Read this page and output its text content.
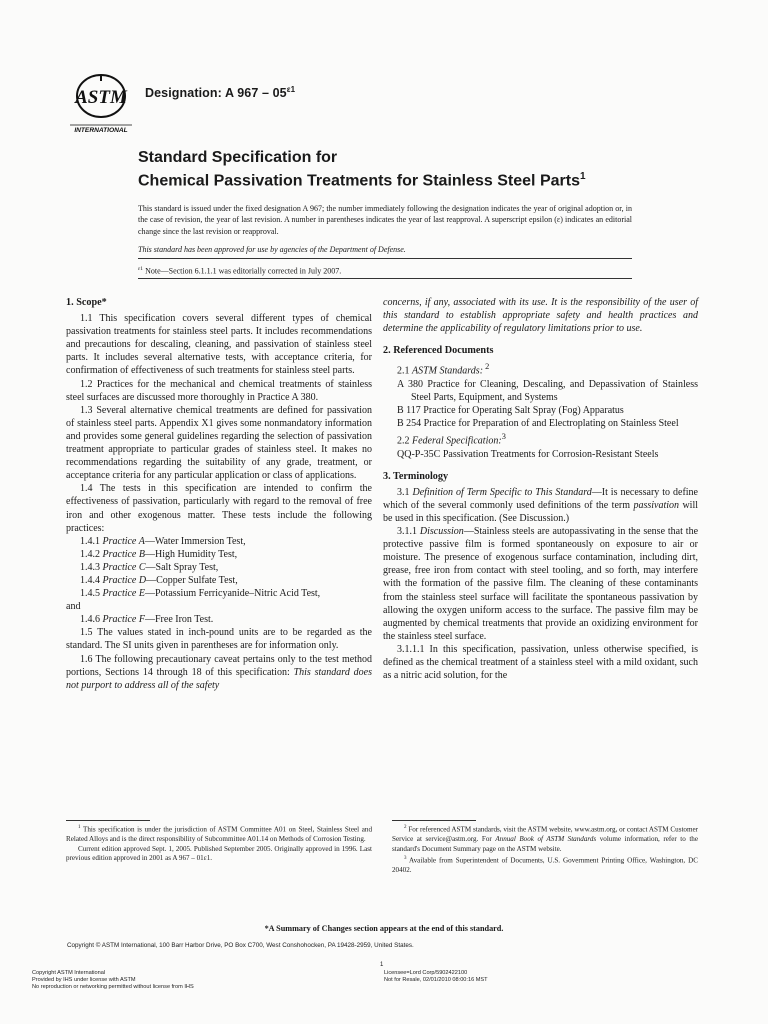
ASTM
INTERNATIONAL
Designation: A $967 - 05^{\varepsilon 1}$
Standard Specification for
Chemical Passivation Treatments for Stainless Steel Parts$^1$

This standard is issued under the fixed designation A 967; the number immediately following the designation indicates the year of original adoption or, in the case of revision, the year of last revision. A number in parentheses indicates the year of last reapproval. A superscript epsilon (ε) indicates an editorial change since the last revision or reapproval.

This standard has been approved for use by agencies of the Department of Defense.

$^{\varepsilon 1}$ Note—Section 6.1.1.1 was editorially corrected in July 2007.
1. Scope*

1.1 This specification covers several different types of chemical passivation treatments for stainless steel parts. It includes recommendations and precautions for descaling, cleaning, and passivation of stainless steel parts. It includes several alternative tests, with acceptance criteria, for confirmation of effectiveness of such treatments for stainless steel parts.

1.2 Practices for the mechanical and chemical treatments of stainless steel surfaces are discussed more thoroughly in Practice A 380.

1.3 Several alternative chemical treatments are defined for passivation of stainless steel parts. Appendix X1 gives some nonmandatory information and provides some general guidelines regarding the selection of passivation treatment appropriate to particular grades of stainless steel. It makes no recommendations regarding the suitability of any grade, treatment, or acceptance criteria for any particular application or class of applications.

1.4 The tests in this specification are intended to confirm the effectiveness of passivation, particularly with regard to the removal of free iron and other exogenous matter. These tests include the following practices:

1.4.1 Practice A—Water Immersion Test,

1.4.2 Practice B—High Humidity Test,

1.4.3 Practice C—Salt Spray Test,

1.4.4 Practice D—Copper Sulfate Test,

1.4.5 Practice E—Potassium Ferricyanide–Nitric Acid Test,

and

1.4.6 Practice F—Free Iron Test.

1.5 The values stated in inch-pound units are to be regarded as the standard. The SI units given in parentheses are for information only.

1.6 The following precautionary caveat pertains only to the test method portions, Sections 14 through 18 of this specification: This standard does not purport to address all of the safety

concerns, if any, associated with its use. It is the responsibility of the user of this standard to establish appropriate safety and health practices and determine the applicability of regulatory limitations prior to use.

2. Referenced Documents

2.1 ASTM Standards: $^2$

A 380 Practice for Cleaning, Descaling, and Depassivation of Stainless Steel Parts, Equipment, and Systems

B 117 Practice for Operating Salt Spray (Fog) Apparatus

B 254 Practice for Preparation of and Electroplating on Stainless Steel

2.2 Federal Specification:$^3$

QQ-P-35C Passivation Treatments for Corrosion-Resistant Steels

3. Terminology

3.1 Definition of Term Specific to This Standard—It is necessary to define which of the several commonly used definitions of the term passivation will be used in this specification. (See Discussion.)

3.1.1 Discussion—Stainless steels are autopassivating in the sense that the protective passive film is formed spontaneously on exposure to air or moisture. The presence of exogenous surface contamination, including dirt, grease, free iron from contact with steel tooling, and so forth, may interfere with the formation of the passive film. The cleaning of these contaminants from the stainless steel surface will facilitate the spontaneous passivation by allowing the oxygen uniform access to the surface. The passive film may be augmented by chemical treatments that provide an oxidizing environment for the stainless steel surface.

3.1.1.1 In this specification, passivation, unless otherwise specified, is defined as the chemical treatment of a stainless steel with a mild oxidant, such as a nitric acid solution, for the

$^1$ This specification is under the jurisdiction of ASTM Committee A01 on Steel, Stainless Steel and Related Alloys and is the direct responsibility of Subcommittee A01.14 on Methods of Corrosion Testing.

Current edition approved Sept. 1, 2005. Published September 2005. Originally approved in 1996. Last previous edition approved in 2001 as A 967 – 01ε1.

$^2$ For referenced ASTM standards, visit the ASTM website, www.astm.org, or contact ASTM Customer Service at service@astm.org. For Annual Book of ASTM Standards volume information, refer to the standard's Document Summary page on the ASTM website.

$^3$ Available from Superintendent of Documents, U.S. Government Printing Office, Washington, DC 20402.

*A Summary of Changes section appears at the end of this standard.
Copyright © ASTM International, 100 Barr Harbor Drive, PO Box C700, West Conshohocken, PA 19428-2959, United States.
1
Copyright ASTM International
Provided by IHS under license with ASTM
No reproduction or networking permitted without license from IHS
Licensee=Lord Corp/5902422100
Not for Resale, 02/01/2010 08:00:16 MST
